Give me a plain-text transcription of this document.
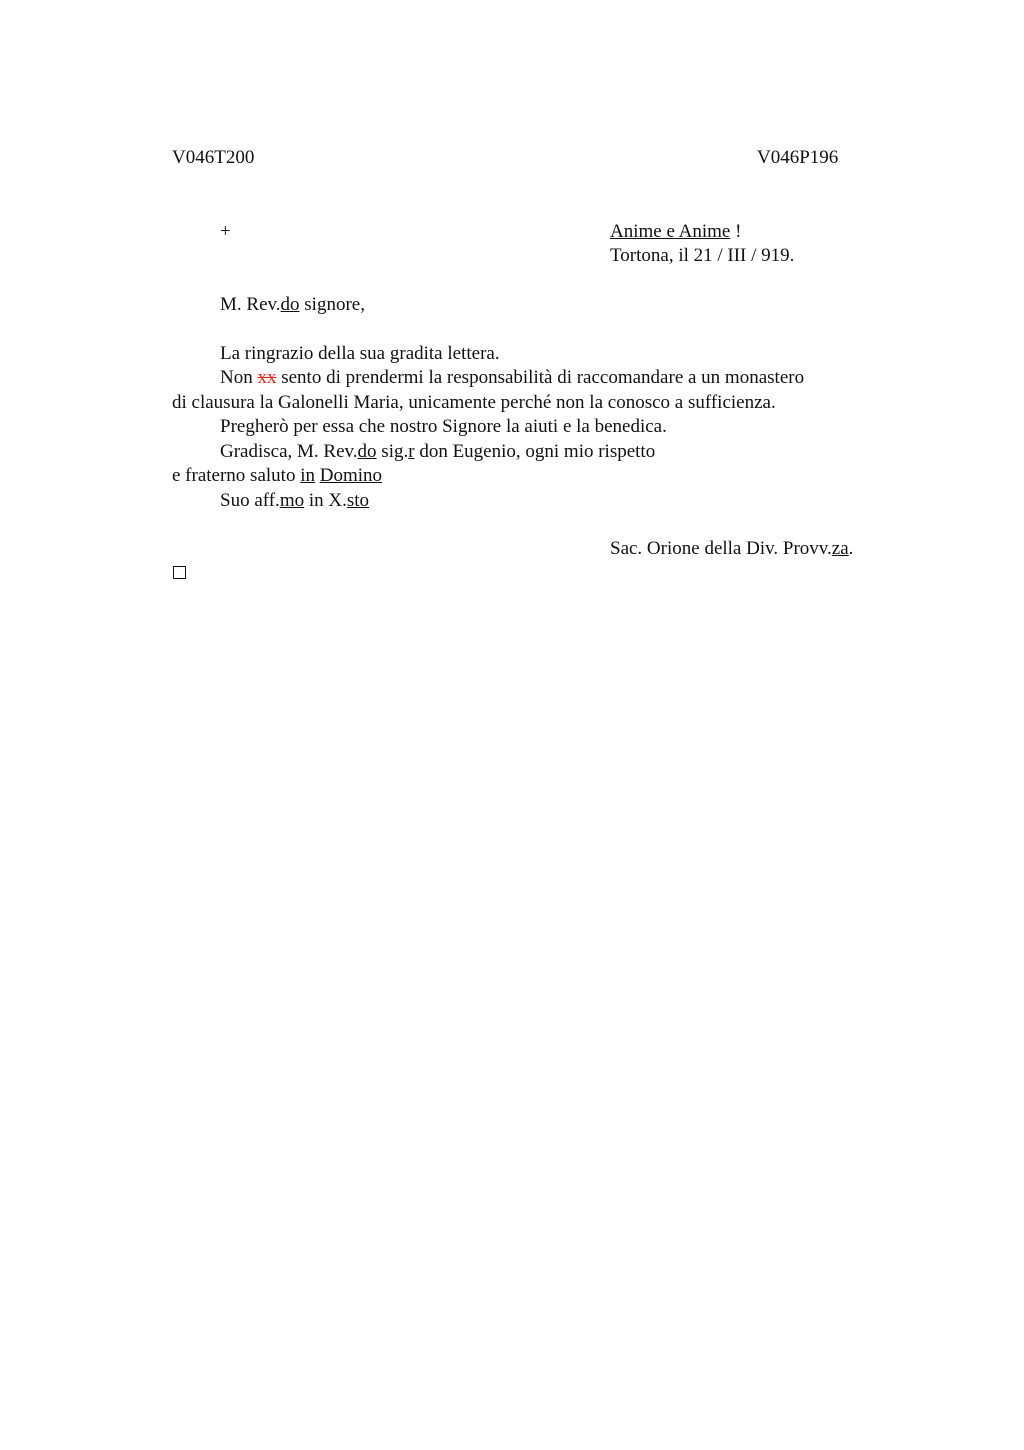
V046T200	V046P196
+	Anime e Anime !
Tortona, il 21 / III / 919.
M. Rev.do signore,
La ringrazio della sua gradita lettera.
Non xx sento di prendermi la responsabilità di raccomandare a un monastero
di clausura la Galonelli Maria, unicamente perché non la conosco a sufficienza.
Pregherò per essa che nostro Signore la aiuti e la benedica.
Gradisca, M. Rev.do sig.r don Eugenio, ogni mio rispetto
e fraterno saluto in Domino
Suo aff.mo in X.sto
Sac. Orione della Div. Provv.za.
